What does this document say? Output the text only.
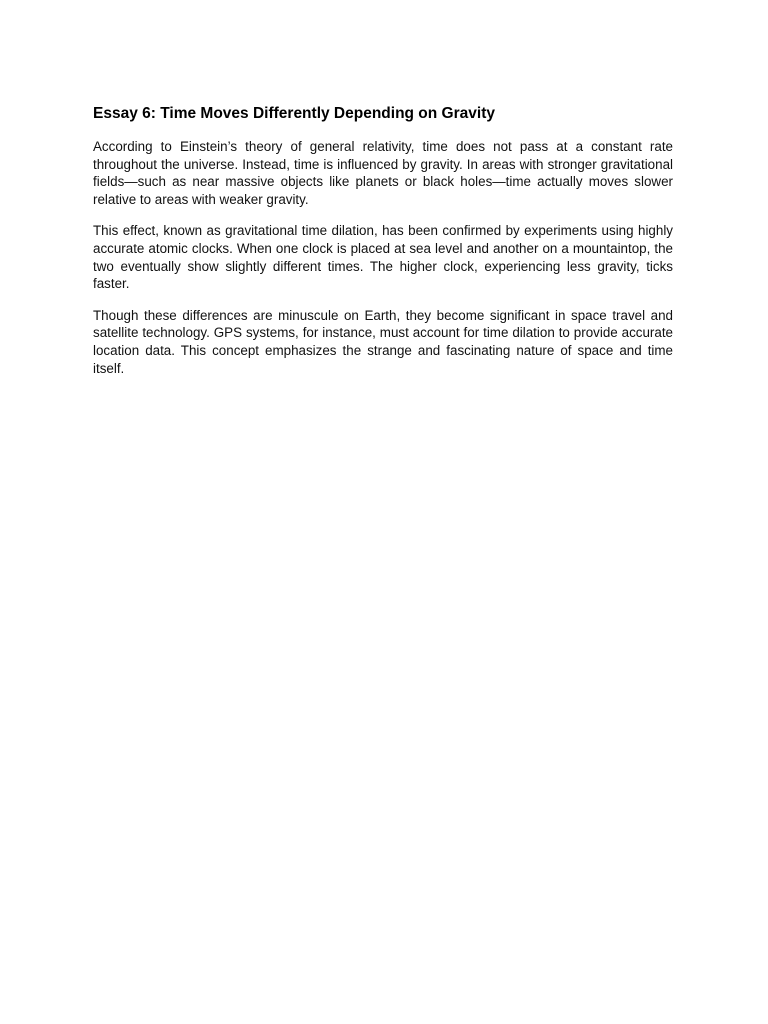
Essay 6: Time Moves Differently Depending on Gravity

According to Einstein’s theory of general relativity, time does not pass at a constant rate throughout the universe. Instead, time is influenced by gravity. In areas with stronger gravitational fields—such as near massive objects like planets or black holes—time actually moves slower relative to areas with weaker gravity.

This effect, known as gravitational time dilation, has been confirmed by experiments using highly accurate atomic clocks. When one clock is placed at sea level and another on a mountaintop, the two eventually show slightly different times. The higher clock, experiencing less gravity, ticks faster.

Though these differences are minuscule on Earth, they become significant in space travel and satellite technology. GPS systems, for instance, must account for time dilation to provide accurate location data. This concept emphasizes the strange and fascinating nature of space and time itself.
